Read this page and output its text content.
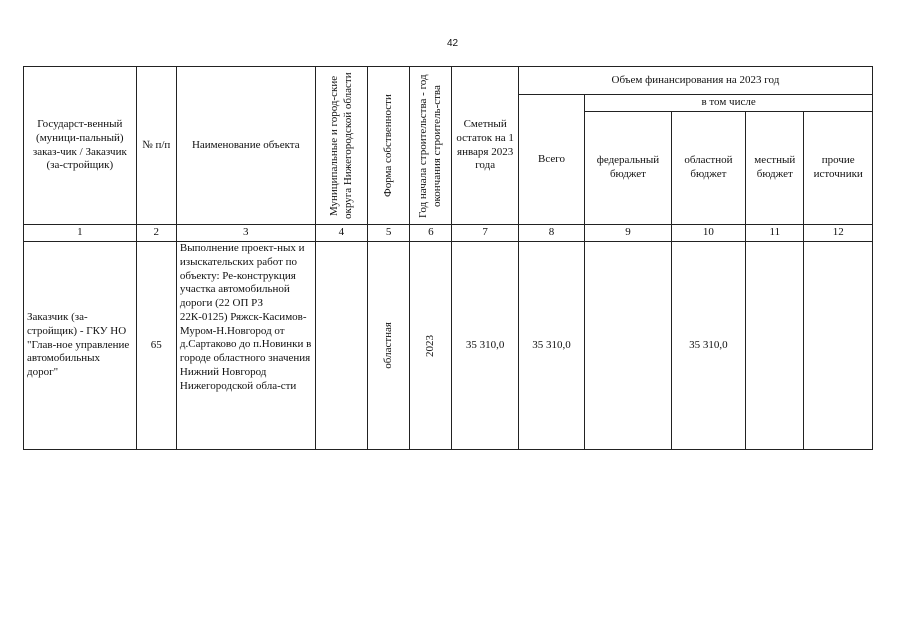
42
Государст-венный (муници-пальный) заказ-чик / Заказчик (за-стройщик)	№ п/п	Наименование объекта	Муниципальные и город-ские округа Нижегородской области	Форма собственности	Год начала строительства - год окончания строитель-ства	Сметный остаток на 1 января 2023 года	Объем финансирования на 2023 год				
							Всего	в том числе			
								федеральный бюджет	областной бюджет	местный бюджет	прочие источники
1	2	3	4	5	6	7	8	9	10	11	12
Заказчик (за-стройщик) - ГКУ НО "Глав-ное управление автомобильных дорог"	65	Выполнение проект-ных и изыскательских работ по объекту: Ре-конструкция участка автомобильной дороги (22 ОП РЗ 22К-0125) Ряжск-Касимов-Муром-Н.Новгород от д.Сартаково до п.Новинки в городе областного значения Нижний Новгород Нижегородской обла-сти		областная	2023	35 310,0	35 310,0		35 310,0		
